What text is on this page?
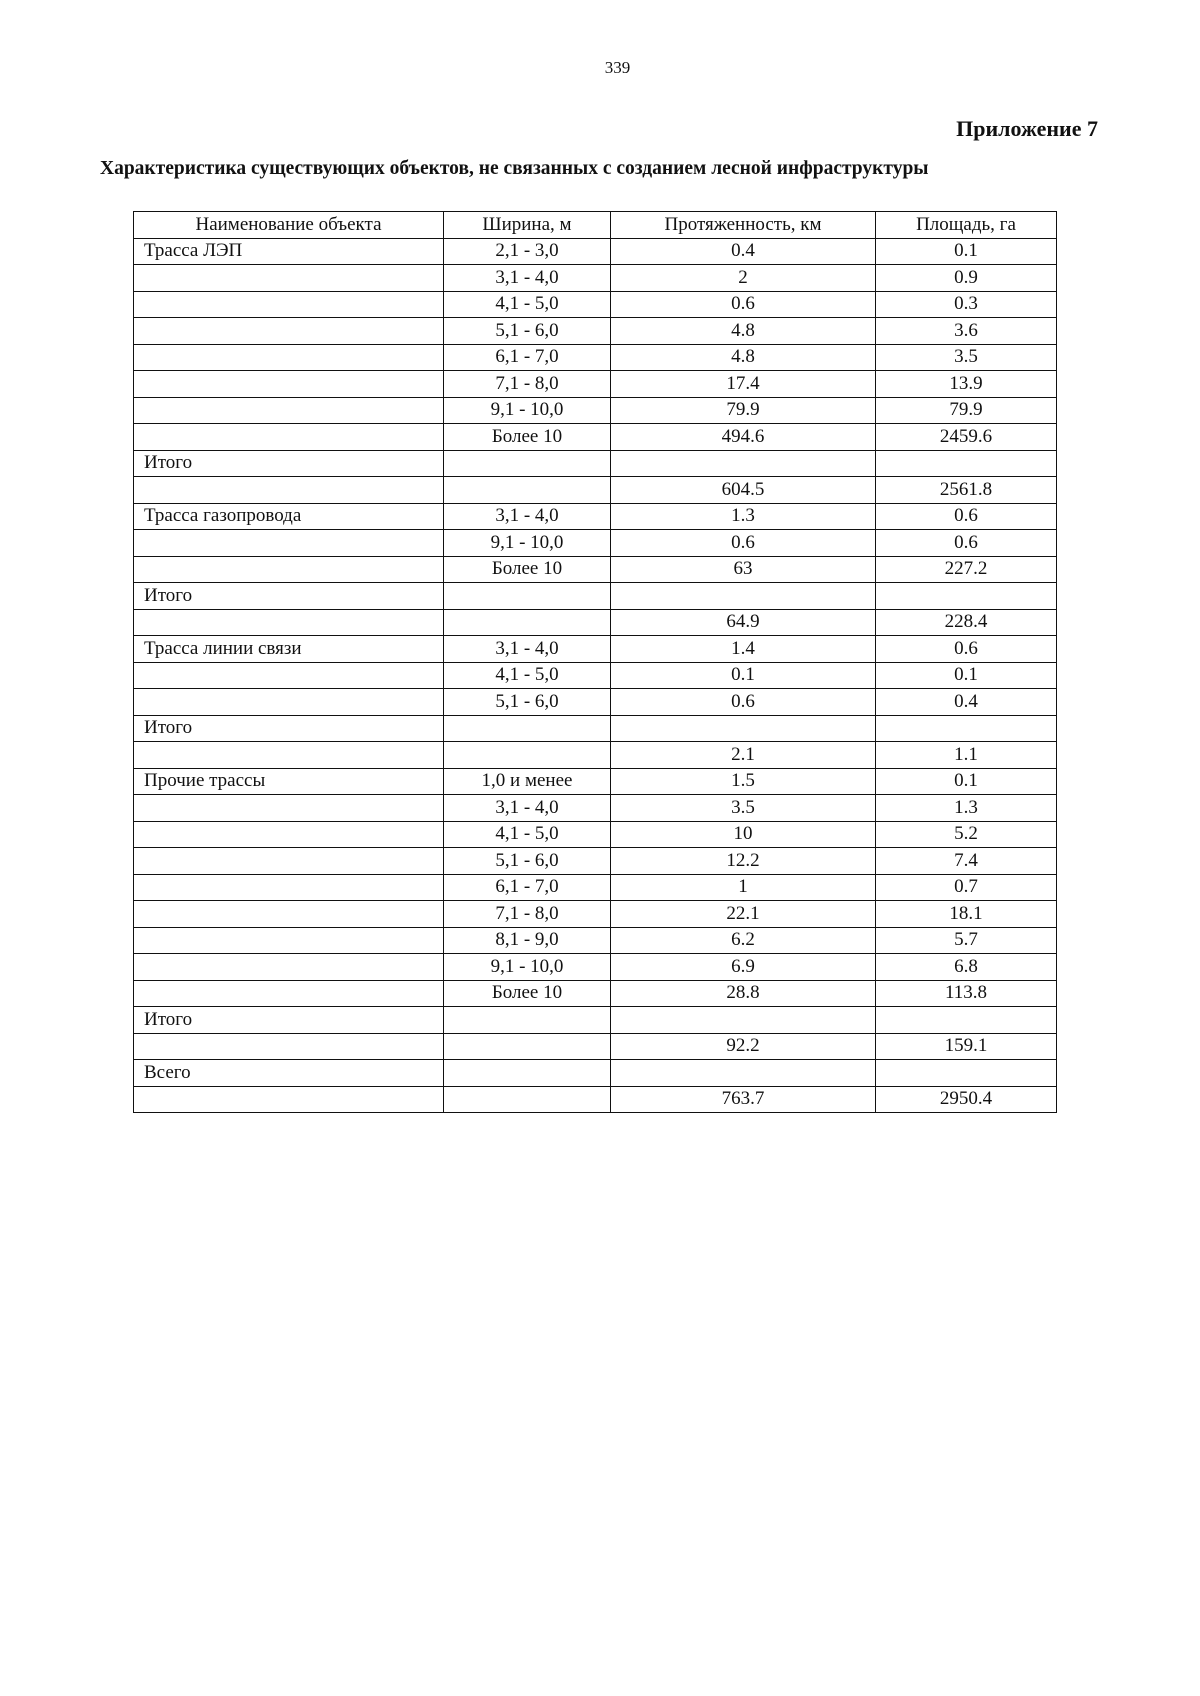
339
Приложение 7
Характеристика существующих объектов, не связанных с созданием лесной инфраструктуры
Наименование объекта	Ширина, м	Протяженность, км	Площадь, га
Трасса ЛЭП	2,1 - 3,0	0.4	0.1
	3,1 - 4,0	2	0.9
	4,1 - 5,0	0.6	0.3
	5,1 - 6,0	4.8	3.6
	6,1 - 7,0	4.8	3.5
	7,1 - 8,0	17.4	13.9
	9,1 - 10,0	79.9	79.9
	Более 10	494.6	2459.6
Итого			
		604.5	2561.8
Трасса газопровода	3,1 - 4,0	1.3	0.6
	9,1 - 10,0	0.6	0.6
	Более 10	63	227.2
Итого			
		64.9	228.4
Трасса линии связи	3,1 - 4,0	1.4	0.6
	4,1 - 5,0	0.1	0.1
	5,1 - 6,0	0.6	0.4
Итого			
		2.1	1.1
Прочие трассы	1,0 и менее	1.5	0.1
	3,1 - 4,0	3.5	1.3
	4,1 - 5,0	10	5.2
	5,1 - 6,0	12.2	7.4
	6,1 - 7,0	1	0.7
	7,1 - 8,0	22.1	18.1
	8,1 - 9,0	6.2	5.7
	9,1 - 10,0	6.9	6.8
	Более 10	28.8	113.8
Итого			
		92.2	159.1
Всего			
		763.7	2950.4
